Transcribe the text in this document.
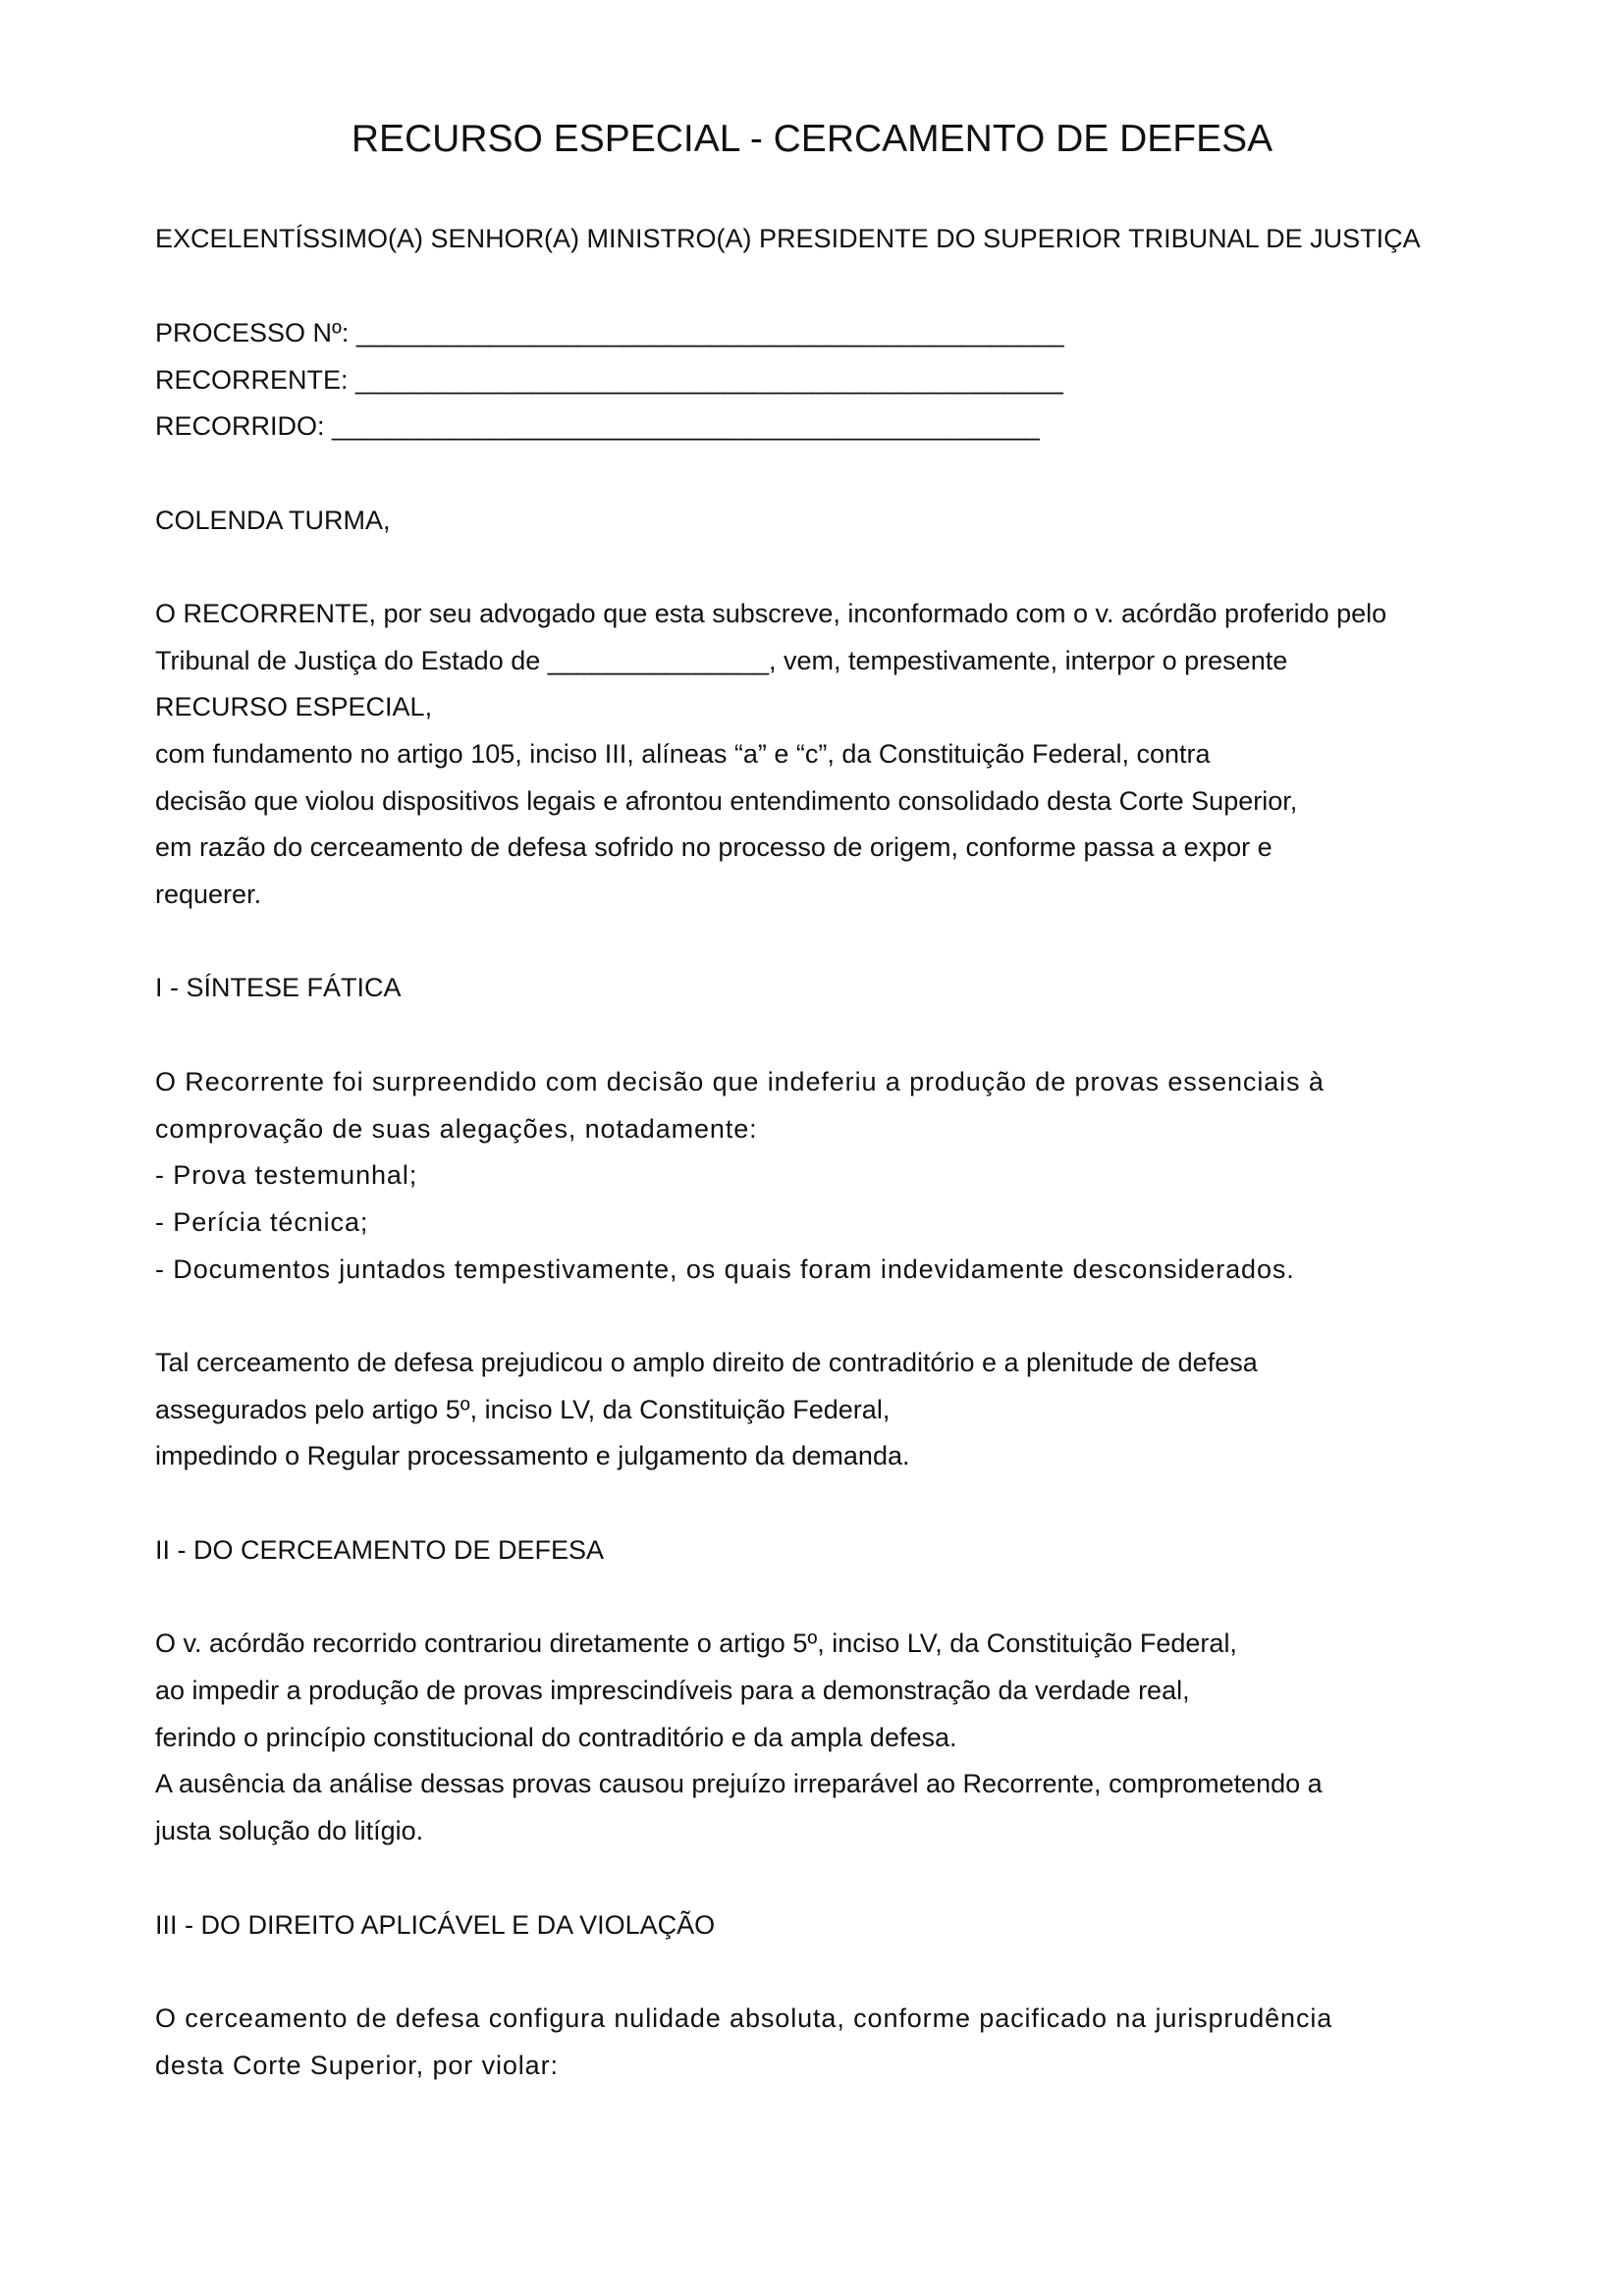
RECURSO ESPECIAL - CERCAMENTO DE DEFESA
EXCELENTÍSSIMO(A) SENHOR(A) MINISTRO(A) PRESIDENTE DO SUPERIOR TRIBUNAL DE JUSTIÇA
PROCESSO Nº: ________________________________________________
RECORRENTE: ________________________________________________
RECORRIDO: ________________________________________________
COLENDA TURMA,
O RECORRENTE, por seu advogado que esta subscreve, inconformado com o v. acórdão proferido pelo
Tribunal de Justiça do Estado de _______________, vem, tempestivamente, interpor o presente
RECURSO ESPECIAL,
com fundamento no artigo 105, inciso III, alíneas “a” e “c”, da Constituição Federal, contra
decisão que violou dispositivos legais e afrontou entendimento consolidado desta Corte Superior,
em razão do cerceamento de defesa sofrido no processo de origem, conforme passa a expor e
requerer.
I - SÍNTESE FÁTICA
O Recorrente foi surpreendido com decisão que indeferiu a produção de provas essenciais à
comprovação de suas alegações, notadamente:
- Prova testemunhal;
- Perícia técnica;
- Documentos juntados tempestivamente, os quais foram indevidamente desconsiderados.
Tal cerceamento de defesa prejudicou o amplo direito de contraditório e a plenitude de defesa
assegurados pelo artigo 5º, inciso LV, da Constituição Federal,
impedindo o Regular processamento e julgamento da demanda.
II - DO CERCEAMENTO DE DEFESA
O v. acórdão recorrido contrariou diretamente o artigo 5º, inciso LV, da Constituição Federal,
ao impedir a produção de provas imprescindíveis para a demonstração da verdade real,
ferindo o princípio constitucional do contraditório e da ampla defesa.
A ausência da análise dessas provas causou prejuízo irreparável ao Recorrente, comprometendo a
justa solução do litígio.
III - DO DIREITO APLICÁVEL E DA VIOLAÇÃO
O cerceamento de defesa configura nulidade absoluta, conforme pacificado na jurisprudência
desta Corte Superior, por violar:
